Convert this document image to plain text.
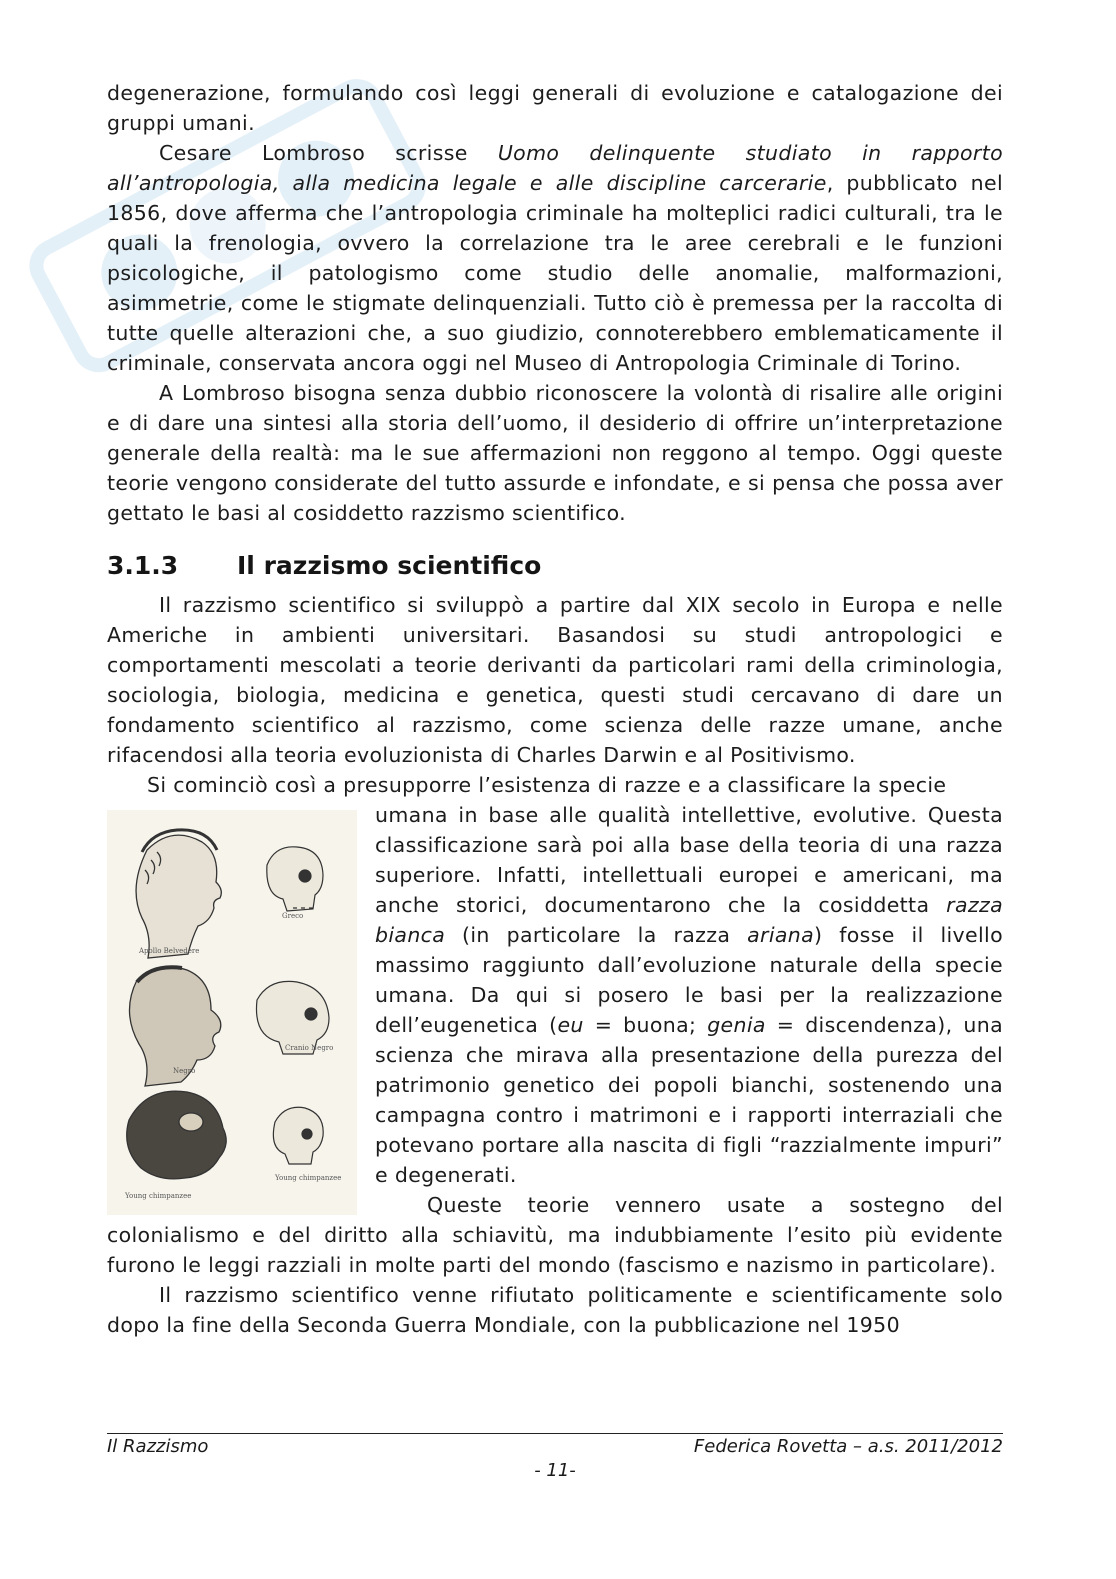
degenerazione, formulando così leggi generali di evoluzione e catalogazione dei gruppi umani.

Cesare Lombroso scrisse Uomo delinquente studiato in rapporto all’antropologia, alla medicina legale e alle discipline carcerarie, pubblicato nel 1856, dove afferma che l’antropologia criminale ha molteplici radici culturali, tra le quali la frenologia, ovvero la correlazione tra le aree cerebrali e le funzioni psicologiche, il patologismo come studio delle anomalie, malformazioni, asimmetrie, come le stigmate delinquenziali. Tutto ciò è premessa per la raccolta di tutte quelle alterazioni che, a suo giudizio, connoterebbero emblematicamente il criminale, conservata ancora oggi nel Museo di Antropologia Criminale di Torino.

A Lombroso bisogna senza dubbio riconoscere la volontà di risalire alle origini e di dare una sintesi alla storia dell’uomo, il desiderio di offrire un’interpretazione generale della realtà: ma le sue affermazioni non reggono al tempo. Oggi queste teorie vengono considerate del tutto assurde e infondate, e si pensa che possa aver gettato le basi al cosiddetto razzismo scientifico.

3.1.3 Il razzismo scientifico

Il razzismo scientifico si sviluppò a partire dal XIX secolo in Europa e nelle Americhe in ambienti universitari. Basandosi su studi antropologici e comportamenti mescolati a teorie derivanti da particolari rami della criminologia, sociologia, biologia, medicina e genetica, questi studi cercavano di dare un fondamento scientifico al razzismo, come scienza delle razze umane, anche rifacendosi alla teoria evoluzionista di Charles Darwin e al Positivismo.

Si cominciò così a presupporre l’esistenza di razze e a classificare la specie

Apollo Belvedere
Greco
Negro
Cranio Negro
Young chimpanzee
Young chimpanzee

umana in base alle qualità intellettive, evolutive. Questa classificazione sarà poi alla base della teoria di una razza superiore. Infatti, intellettuali europei e americani, ma anche storici, documentarono che la cosiddetta razza bianca (in particolare la razza ariana) fosse il livello massimo raggiunto dall’evoluzione naturale della specie umana. Da qui si posero le basi per la realizzazione dell’eugenetica (eu = buona; genia = discendenza), una scienza che mirava alla presentazione della purezza del patrimonio genetico dei popoli bianchi, sostenendo una campagna contro i matrimoni e i rapporti interraziali che potevano portare alla nascita di figli “razzialmente impuri” e degenerati.

Queste teorie vennero usate a sostegno del colonialismo e del diritto alla schiavitù, ma indubbiamente l’esito più evidente furono le leggi razziali in molte parti del mondo (fascismo e nazismo in particolare).

Il razzismo scientifico venne rifiutato politicamente e scientificamente solo dopo la fine della Seconda Guerra Mondiale, con la pubblicazione nel 1950

Il Razzismo	Federica Rovetta – a.s. 2011/2012
- 11-
